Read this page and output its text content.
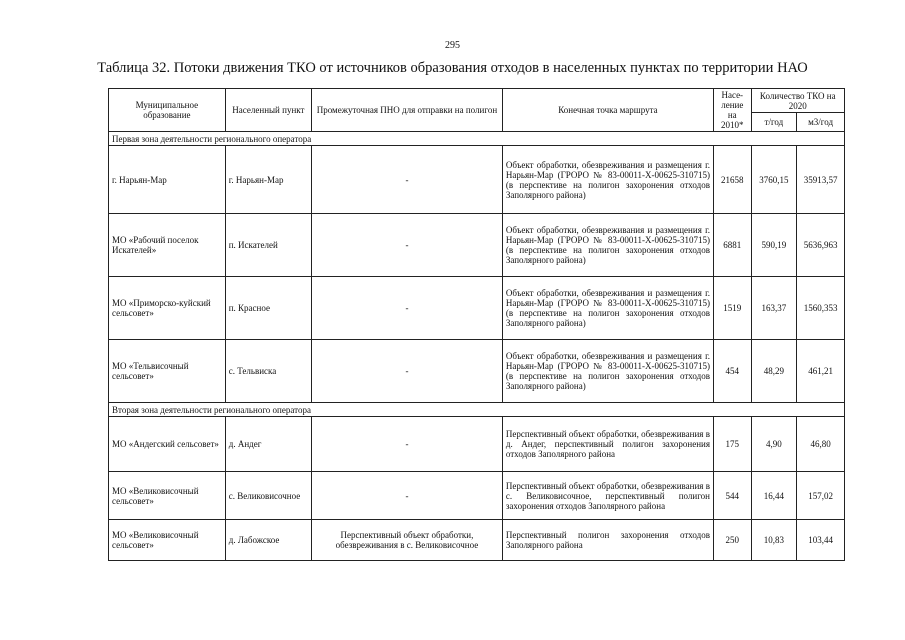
295
Таблица 32. Потоки движения ТКО от источников образования отходов в населенных пунктах по территории НАО
Муниципальное образование	Населенный пункт	Промежуточная ПНО для отправки на полигон	Конечная точка маршрута	Насе-ление на 2010*	Количество ТКО на 2020	
					т/год	м3/год
Первая зона деятельности регионального оператора						
г. Нарьян-Мар	г. Нарьян-Мар	-	Объект обработки, обезвреживания и размещения г. Нарьян-Мар (ГРОРО № 83-00011-Х-00625-310715) (в перспективе на полигон захоронения отходов Заполярного района)	21658	3760,15	35913,57
МО «Рабочий поселок Искателей»	п. Искателей	-	Объект обработки, обезвреживания и размещения г. Нарьян-Мар (ГРОРО № 83-00011-Х-00625-310715) (в перспективе на полигон захоронения отходов Заполярного района)	6881	590,19	5636,963
МО «Приморско-куйский сельсовет»	п. Красное	-	Объект обработки, обезвреживания и размещения г. Нарьян-Мар (ГРОРО № 83-00011-Х-00625-310715) (в перспективе на полигон захоронения отходов Заполярного района)	1519	163,37	1560,353
МО «Тельвисочный сельсовет»	с. Тельвиска	-	Объект обработки, обезвреживания и размещения г. Нарьян-Мар (ГРОРО № 83-00011-Х-00625-310715) (в перспективе на полигон захоронения отходов Заполярного района)	454	48,29	461,21
Вторая зона деятельности регионального оператора						
МО «Андегский сельсовет»	д. Андег	-	Перспективный объект обработки, обезвреживания в д. Андег, перспективный полигон захоронения отходов Заполярного района	175	4,90	46,80
МО «Великовисочный сельсовет»	с. Великовисочное	-	Перспективный объект обработки, обезвреживания в с. Великовисочное, перспективный полигон захоронения отходов Заполярного района	544	16,44	157,02
МО «Великовисочный сельсовет»	д. Лабожское	Перспективный объект обработки, обезвреживания в с. Великовисочное	Перспективный полигон захоронения отходов Заполярного района	250	10,83	103,44
